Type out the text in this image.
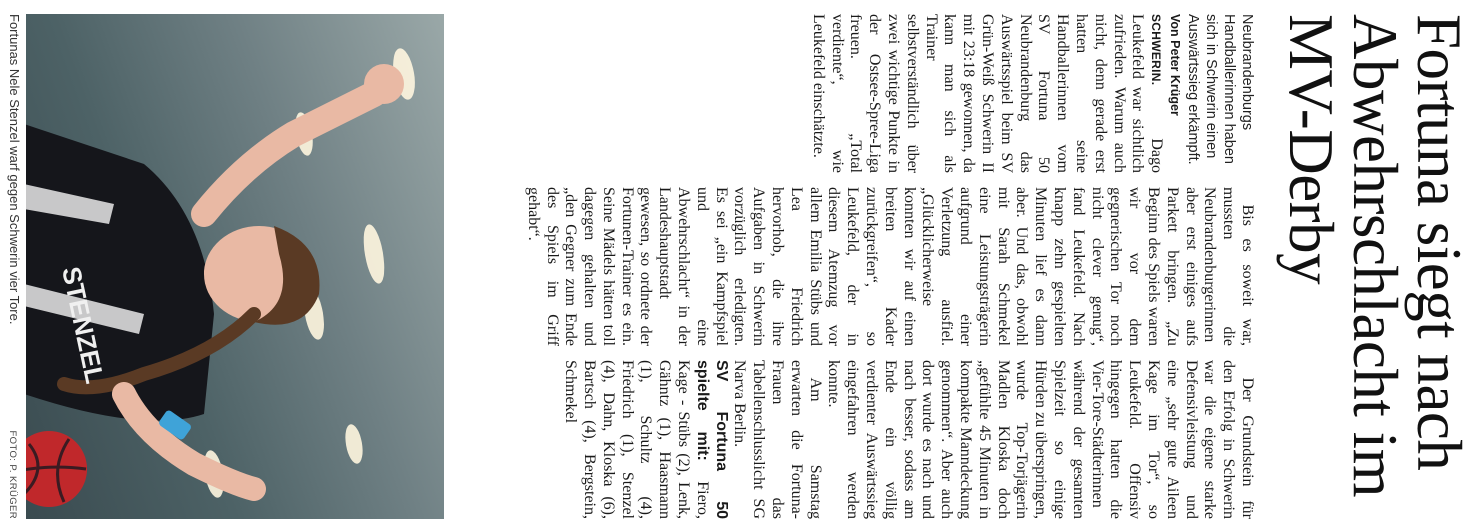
Fortuna siegt nach Abwehrschlacht im MV-Derby

Neubrandenburgs Handballerinnen haben sich in Schwerin einen Auswärtssieg erkämpft.

Von Peter Krüger

SCHWERIN. Dago Leukefeld war sichtlich zufrieden. Warum auch nicht, denn gerade erst hatten seine Handballerinnen vom SV Fortuna 50 Neubrandenburg das Auswärtsspiel beim SV Grün-Weiß Schwerin II mit 23:18 gewonnen, da kann man sich als Trainer selbstverständlich über zwei wichtige Punkte in der Ostsee-Spree-Liga freuen. „Total verdiente“, wie Leukefeld einschätzte.

Bis es soweit war, mussten die Neubrandenburgerinnen aber erst einiges aufs Parkett bringen. „Zu Beginn des Spiels waren wir vor dem gegnerischen Tor noch nicht clever genug“, fand Leukefeld. Nach knapp zehn gespielten Minuten lief es dann aber. Und das, obwohl mit Sarah Schmekel eine Leistungsträgerin aufgrund einer Verletzung ausfiel. „Glücklicherweise konnten wir auf einen breiten Kader zurückgreifen“, so Leukefeld, der in diesem Atemzug vor allem Emilia Stübs und Lea Friedrich hervorhob, die ihre Aufgaben in Schwerin vorzüglich erledigten. Es sei „ein Kampfspiel und eine Abwehrschlacht“ in der Landeshauptstadt gewesen, so ordnete der Fortunen-Trainer es ein. Seine Mädels hätten toll dagegen gehalten und „den Gegner zum Ende des Spiels im Griff gehabt“.

Der Grundstein für den Erfolg in Schwerin war die eigene starke Defensivleistung und eine „sehr gute Aileen Kage im Tor“, so Leukefeld. Offensiv hingegen hatten die Vier-Tore-Städterinnen während der gesamten Spielzeit so einige Hürden zu überspringen, wurde Top-Torjägerin Madlen Kloska doch „gefühlte 45 Minuten in kompakte Manndeckung genommen“. Aber auch dort wurde es nach und nach besser, sodass am Ende ein völlig verdienter Auswärtssieg eingefahren werden konnte.

Am Samstag erwarten die Fortuna-Frauen das Tabellenschlusslicht SG Narva Berlin.

SV Fortuna 50 spielte mit: Fiero, Kage - Stübs (2), Lenk, Gähntz (1), Haasmann (1), Schultz (4), Friedrich (1), Stenzel (4), Dahn, Kloska (6), Bartsch (4), Bergstein, Schmekel

STENZEL
Fortunas Nele Stenzel warf gegen Schwerin vier Tore.
FOTO: P. KRÜGER
